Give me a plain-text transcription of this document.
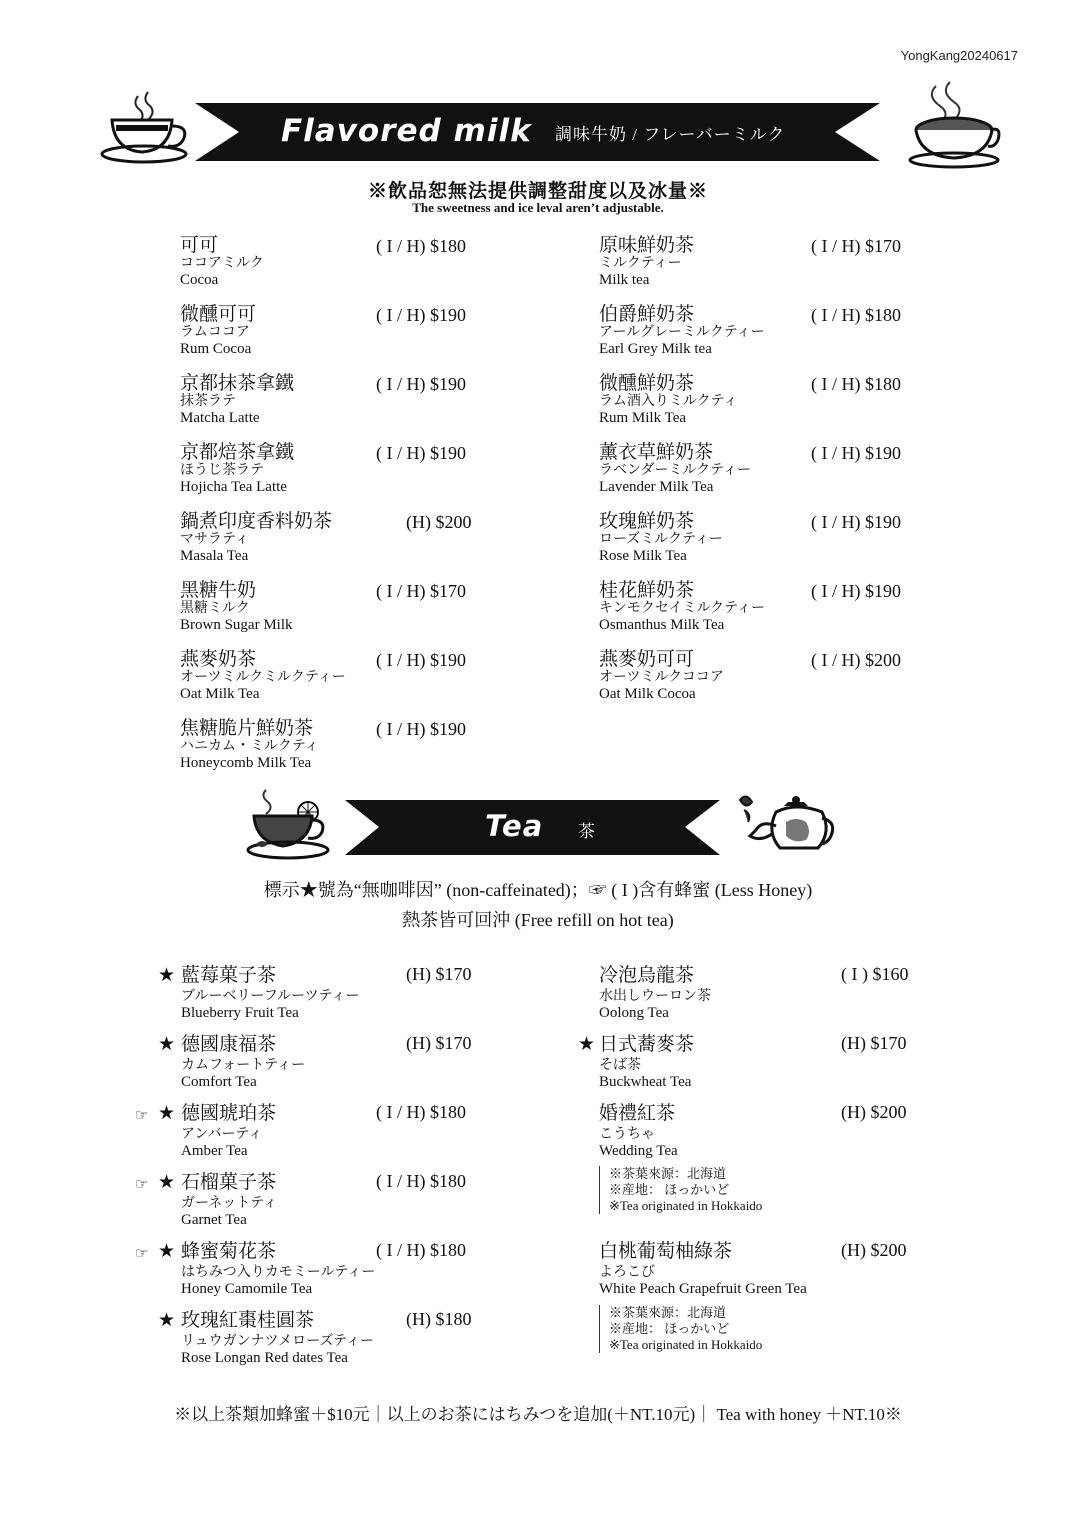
YongKang20240617
Flavored milk 調味牛奶 / フレーバーミルク
※飲品恕無法提供調整甜度以及冰量※
The sweetness and ice leval aren’t adjustable.
可可
ココアミルク
Cocoa
( I / H) $180
微醺可可
ラムココア
Rum Cocoa
( I / H) $190
京都抹茶拿鐵
抹茶ラテ
Matcha Latte
( I / H) $190
京都焙茶拿鐵
ほうじ茶ラテ
Hojicha Tea Latte
( I / H) $190
鍋煮印度香料奶茶
マサラティ
Masala Tea
(H) $200
黑糖牛奶
黒糖ミルク
Brown Sugar Milk
( I / H) $170
燕麥奶茶
オーツミルクミルクティー
Oat Milk Tea
( I / H) $190
焦糖脆片鮮奶茶
ハニカム・ミルクティ
Honeycomb Milk Tea
( I / H) $190
原味鮮奶茶
ミルクティー
Milk tea
( I / H) $170
伯爵鮮奶茶
アールグレーミルクティー
Earl Grey Milk tea
( I / H) $180
微醺鮮奶茶
ラム酒入りミルクティ
Rum Milk Tea
( I / H) $180
薰衣草鮮奶茶
ラベンダーミルクティー
Lavender Milk Tea
( I / H) $190
玫瑰鮮奶茶
ローズミルクティー
Rose Milk Tea
( I / H) $190
桂花鮮奶茶
キンモクセイミルクティー
Osmanthus Milk Tea
( I / H) $190
燕麥奶可可
オーツミルクココア
Oat Milk Cocoa
( I / H) $200
Tea 茶
標示★號為“無咖啡因” (non-caffeinated)；☞ ( I )含有蜂蜜 (Less Honey)
熱茶皆可回沖 (Free refill on hot tea)
★ 藍莓菓子茶
ブルーベリーフルーツティー
Blueberry Fruit Tea
(H) $170
★ 德國康福茶
カムフォートティー
Comfort Tea
(H) $170
☞ ★ 德國琥珀茶
アンバーティ
Amber Tea
( I / H) $180
☞ ★ 石榴菓子茶
ガーネットティ
Garnet Tea
( I / H) $180
☞ ★ 蜂蜜菊花茶
はちみつ入りカモミールティー
Honey Camomile Tea
( I / H) $180
★ 玫瑰紅棗桂圓茶
リュウガンナツメローズティー
Rose Longan Red dates Tea
(H) $180
冷泡烏龍茶
水出しウーロン茶
Oolong Tea
( I ) $160
★ 日式蕎麥茶
そば茶
Buckwheat Tea
(H) $170
婚禮紅茶
こうちゃ
Wedding Tea
(H) $200
※茶葉來源：北海道
※産地： ほっかいど
※Tea originated in Hokkaido
白桃葡萄柚綠茶
よろこび
White Peach Grapefruit Green Tea
(H) $200
※茶葉來源：北海道
※産地： ほっかいど
※Tea originated in Hokkaido
※以上茶類加蜂蜜＋$10元｜以上のお茶にはちみつを追加(＋NT.10元)｜ Tea with honey ＋NT.10※
